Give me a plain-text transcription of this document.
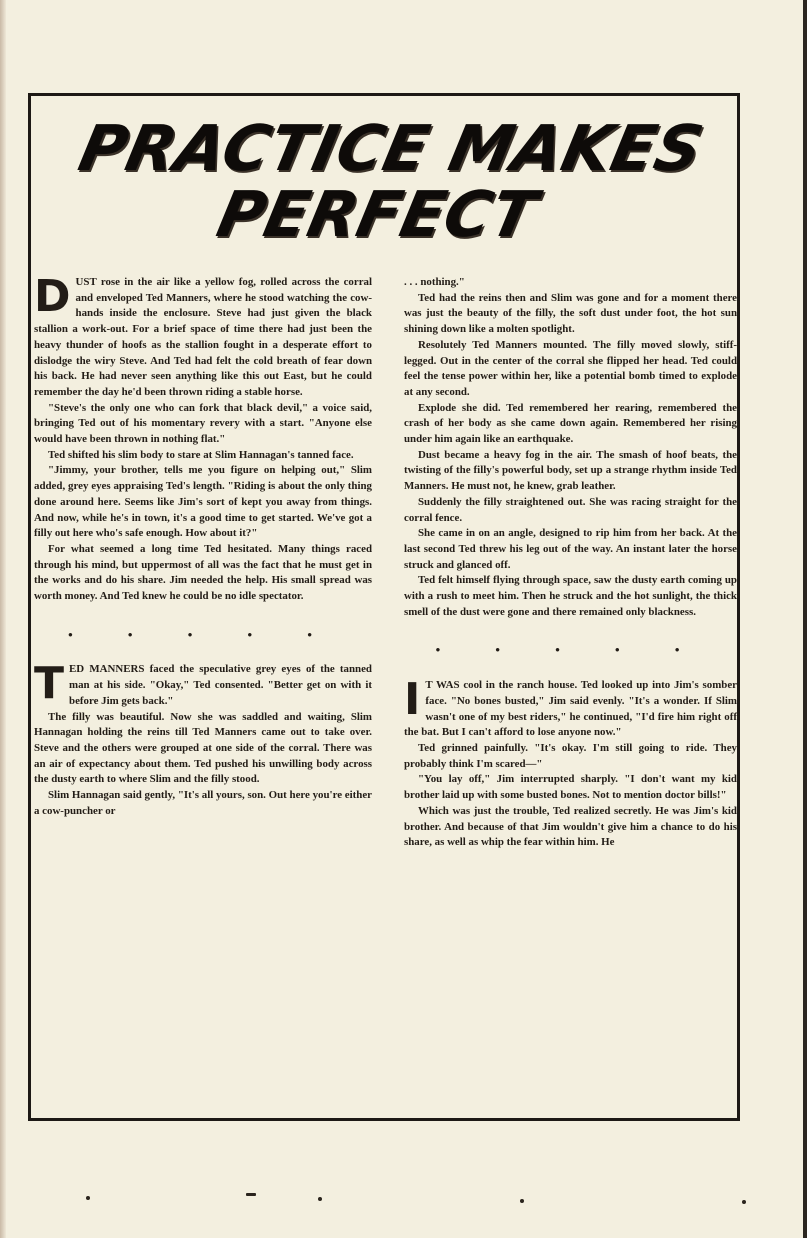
PRACTICE MAKES
PERFECT

DUST rose in the air like a yellow fog, rolled across the corral and enveloped Ted Manners, where he stood watching the cow-hands inside the enclosure. Steve had just given the black stallion a work-out. For a brief space of time there had just been the heavy thunder of hoofs as the stallion fought in a desperate effort to dislodge the wiry Steve. And Ted had felt the cold breath of fear down his back. He had never seen anything like this out East, but he could remember the day he'd been thrown riding a stable horse.

"Steve's the only one who can fork that black devil," a voice said, bringing Ted out of his momentary revery with a start. "Anyone else would have been thrown in nothing flat."

Ted shifted his slim body to stare at Slim Hannagan's tanned face.

"Jimmy, your brother, tells me you figure on helping out," Slim added, grey eyes appraising Ted's length. "Riding is about the only thing done around here. Seems like Jim's sort of kept you away from things. And now, while he's in town, it's a good time to get started. We've got a filly out here who's safe enough. How about it?"

For what seemed a long time Ted hesitated. Many things raced through his mind, but uppermost of all was the fact that he must get in the works and do his share. Jim needed the help. His small spread was worth money. And Ted knew he could be no idle spectator.

• • • • •

TED MANNERS faced the speculative grey eyes of the tanned man at his side. "Okay," Ted consented. "Better get on with it before Jim gets back."

The filly was beautiful. Now she was saddled and waiting, Slim Hannagan holding the reins till Ted Manners came out to take over. Steve and the others were grouped at one side of the corral. There was an air of expectancy about them. Ted pushed his unwilling body across the dusty earth to where Slim and the filly stood.

Slim Hannagan said gently, "It's all yours, son. Out here you're either a cow-puncher or

. . . nothing."

Ted had the reins then and Slim was gone and for a moment there was just the beauty of the filly, the soft dust under foot, the hot sun shining down like a molten spotlight.

Resolutely Ted Manners mounted. The filly moved slowly, stiff-legged. Out in the center of the corral she flipped her head. Ted could feel the tense power within her, like a potential bomb timed to explode at any second.

Explode she did. Ted remembered her rearing, remembered the crash of her body as she came down again. Remembered her rising under him again like an earthquake.

Dust became a heavy fog in the air. The smash of hoof beats, the twisting of the filly's powerful body, set up a strange rhythm inside Ted Manners. He must not, he knew, grab leather.

Suddenly the filly straightened out. She was racing straight for the corral fence.

She came in on an angle, designed to rip him from her back. At the last second Ted threw his leg out of the way. An instant later the horse struck and glanced off.

Ted felt himself flying through space, saw the dusty earth coming up with a rush to meet him. Then he struck and the hot sunlight, the thick smell of the dust were gone and there remained only blackness.

• • • • •

I T WAS cool in the ranch house. Ted looked up into Jim's somber face. "No bones busted," Jim said evenly. "It's a wonder. If Slim wasn't one of my best riders," he continued, "I'd fire him right off the bat. But I can't afford to lose anyone now."

Ted grinned painfully. "It's okay. I'm still going to ride. They probably think I'm scared—"

"You lay off," Jim interrupted sharply. "I don't want my kid brother laid up with some busted bones. Not to mention doctor bills!"

Which was just the trouble, Ted realized secretly. He was Jim's kid brother. And because of that Jim wouldn't give him a chance to do his share, as well as whip the fear within him. He
